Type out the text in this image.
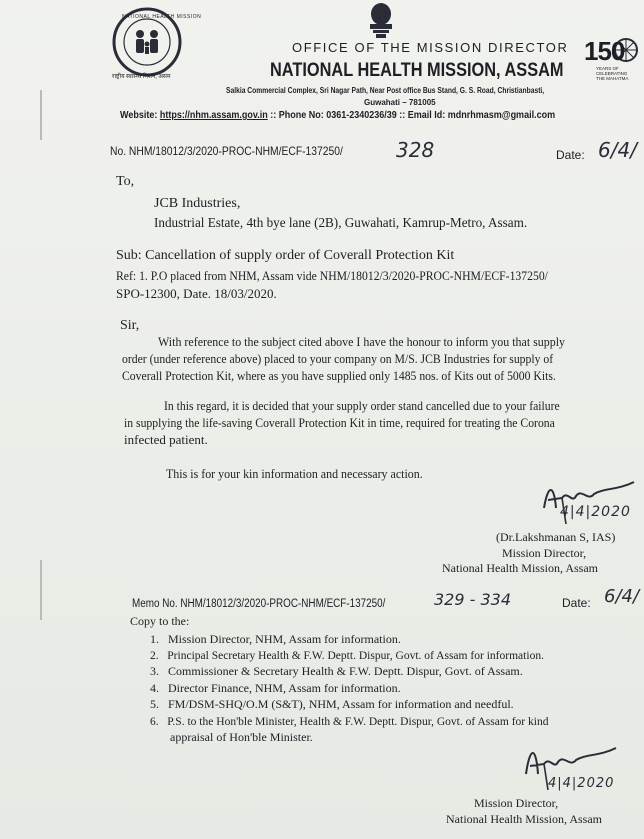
NATIONAL HEALTH MISSION
राष्ट्रीय स्वास्थ्य मिशन, असम
150
YEARS OF CELEBRATING THE MAHATMA
OFFICE OF THE MISSION DIRECTOR
NATIONAL HEALTH MISSION, ASSAM
Salkia Commercial Complex, Sri Nagar Path, Near Post office Bus Stand, G. S. Road, Christianbasti,
Guwahati – 781005
Website: https://nhm.assam.gov.in :: Phone No: 0361-2340236/39 :: Email Id: mdnrhmasm@gmail.com
No. NHM/18012/3/2020-PROC-NHM/ECF-137250/	328	Date: 6/4/
To,
JCB Industries,
Industrial Estate, 4th bye lane (2B), Guwahati, Kamrup-Metro, Assam.
Sub: Cancellation of supply order of Coverall Protection Kit
Ref: 1. P.O placed from NHM, Assam vide NHM/18012/3/2020-PROC-NHM/ECF-137250/
SPO-12300, Date. 18/03/2020.
Sir,
With reference to the subject cited above I have the honour to inform you that supply
order (under reference above) placed to your company on M/S. JCB Industries for supply of
Coverall Protection Kit, where as you have supplied only 1485 nos. of Kits out of 5000 Kits.
In this regard, it is decided that your supply order stand cancelled due to your failure
in supplying the life-saving Coverall Protection Kit in time, required for treating the Corona
infected patient.
This is for your kin information and necessary action.
4|4|2020
(Dr.Lakshmanan S, IAS)
Mission Director,
National Health Mission, Assam
Memo No. NHM/18012/3/2020-PROC-NHM/ECF-137250/	329 - 334	Date: 6/4/
Copy to the:
1.   Mission Director, NHM, Assam for information.
2.   Principal Secretary Health & F.W. Deptt. Dispur, Govt. of Assam for information.
3.   Commissioner & Secretary Health & F.W. Deptt. Dispur, Govt. of Assam.
4.   Director Finance, NHM, Assam for information.
5.   FM/DSM-SHQ/O.M (S&T), NHM, Assam for information and needful.
6.   P.S. to the Hon'ble Minister, Health & F.W. Deptt. Dispur, Govt. of Assam for kind
appraisal of Hon'ble Minister.
4|4|2020
Mission Director,
National Health Mission, Assam
